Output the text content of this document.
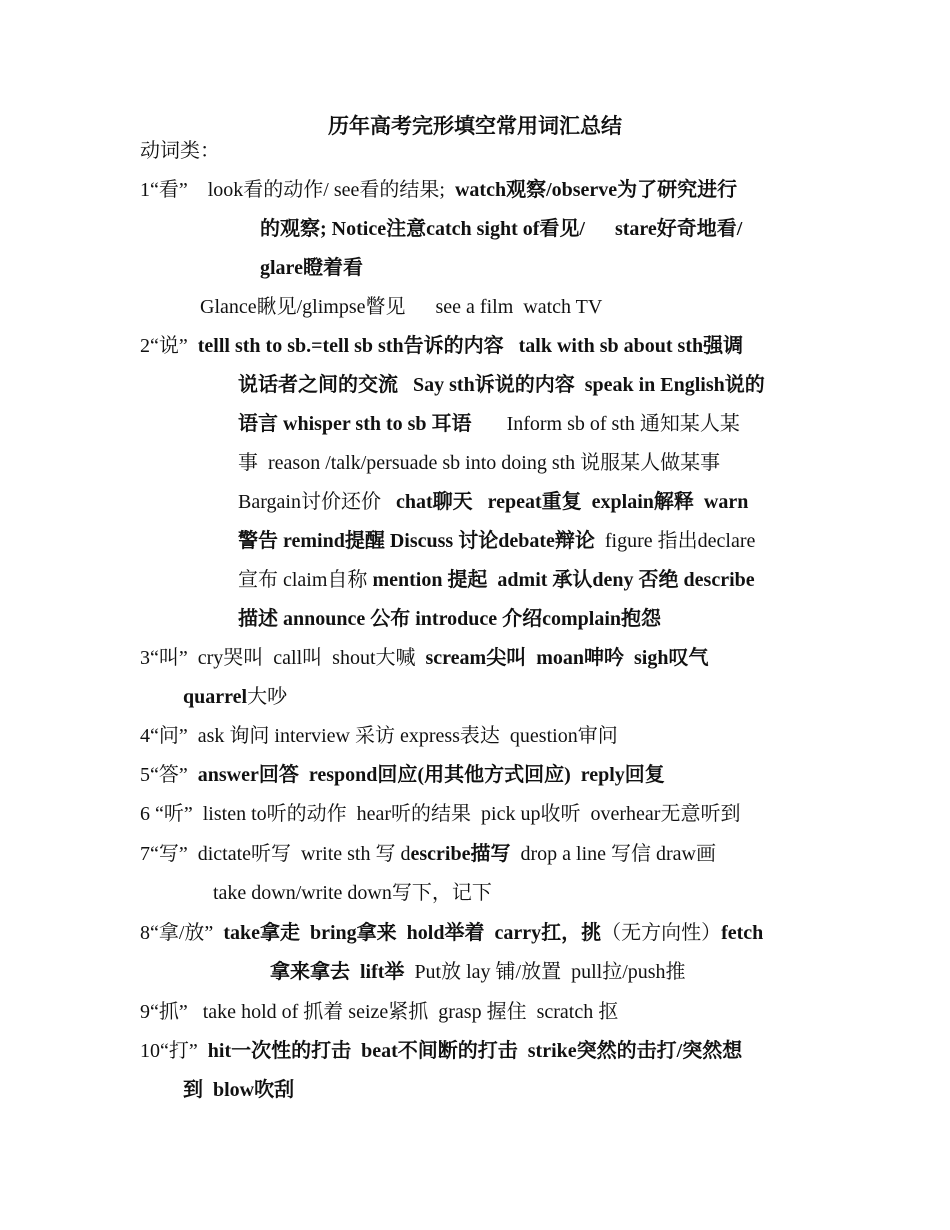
历年高考完形填空常用词汇总结
动词类：
1“看”    look看的动作/ see看的结果;  watch观察/observe为了研究进行
的观察; Notice注意catch sight of看见/      stare好奇地看/
glare瞪着看
Glance瞅见/glimpse瞥见      see a film  watch TV
2“说”  telll sth to sb.=tell sb sth告诉的内容   talk with sb about sth强调
说话者之间的交流   Say sth诉说的内容  speak in English说的
语言 whisper sth to sb 耳语       Inform sb of sth 通知某人某
事  reason /talk/persuade sb into doing sth 说服某人做某事
Bargain讨价还价   chat聊天   repeat重复  explain解释  warn
警告 remind提醒 Discuss 讨论debate辩论  figure 指出declare
宣布 claim自称 mention 提起  admit 承认deny 否绝 describe
描述 announce 公布 introduce 介绍complain抱怨
3“叫”  cry哭叫  call叫  shout大喊  scream尖叫  moan呻吟  sigh叹气
quarrel大吵
4“问”  ask 询问 interview 采访 express表达  question审问
5“答”  answer回答  respond回应(用其他方式回应)  reply回复
6 “听”  listen to听的动作  hear听的结果  pick up收听  overhear无意听到
7“写”  dictate听写  write sth 写 describe描写  drop a line 写信 draw画
take down/write down写下，记下
8“拿/放”  take拿走  bring拿来  hold举着  carry扛，挑（无方向性）fetch
拿来拿去  lift举  Put放 lay 铺/放置  pull拉/push推
9“抓”   take hold of 抓着 seize紧抓  grasp 握住  scratch 抠
10“打”  hit一次性的打击  beat不间断的打击  strike突然的击打/突然想
到  blow吹刮
